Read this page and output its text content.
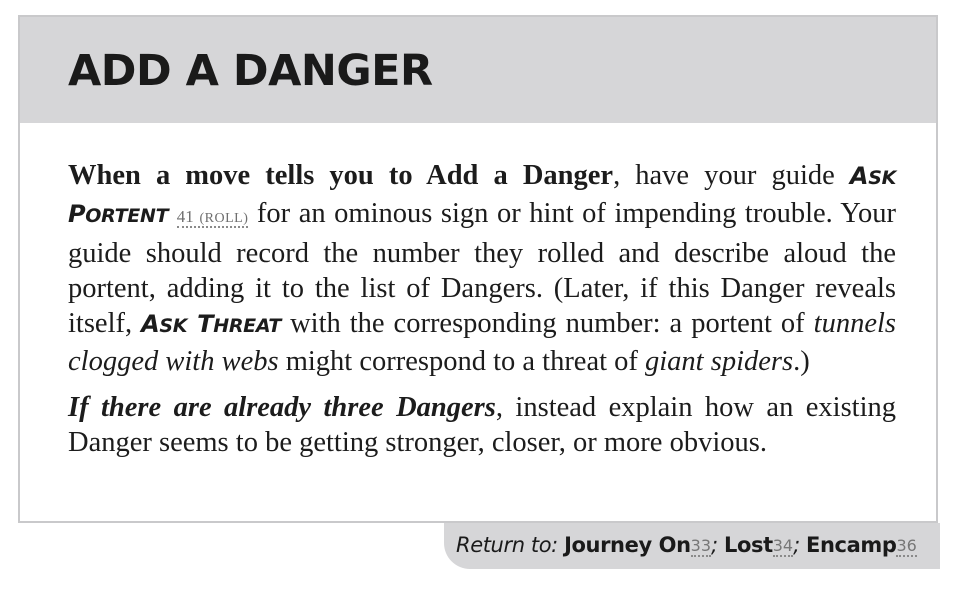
ADD A DANGER

When a move tells you to Add a Danger, have your guide ASK PORTENT 41 (ROLL) for an ominous sign or hint of impending trouble. Your guide should record the number they rolled and describe aloud the portent, adding it to the list of Dangers. (Later, if this Danger reveals itself, ASK THREAT with the corresponding number: a portent of tunnels clogged with webs might correspond to a threat of giant spiders.)

If there are already three Dangers, instead explain how an existing Danger seems to be getting stronger, closer, or more obvious.

Return to: Journey On33; Lost34; Encamp36
